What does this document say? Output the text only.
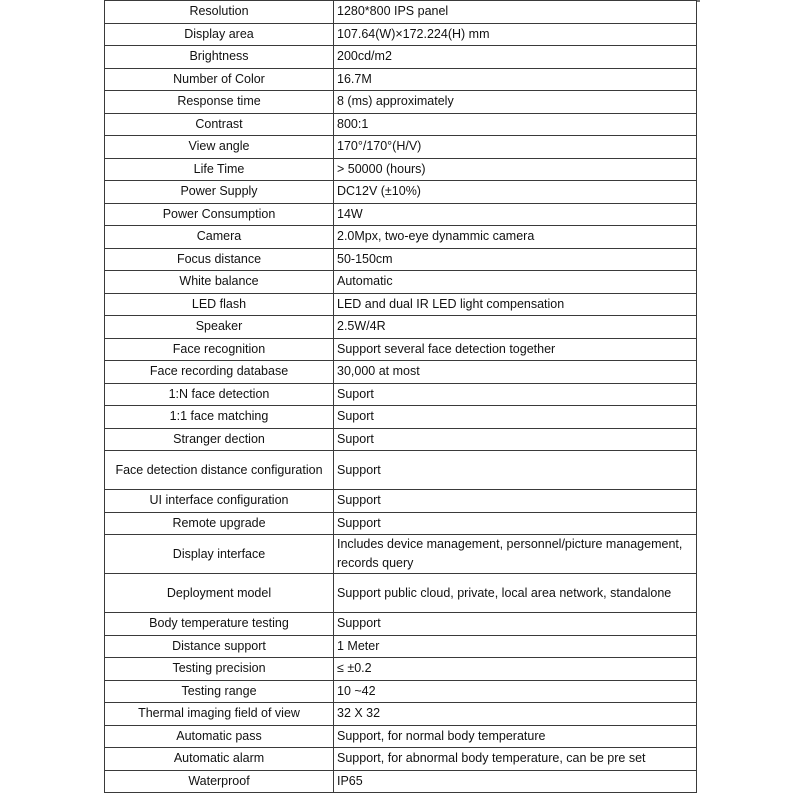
Resolution	1280*800 IPS panel
Display area	107.64(W)×172.224(H) mm
Brightness	200cd/m2
Number of Color	16.7M
Response time	8 (ms) approximately
Contrast	800:1
View angle	170°/170°(H/V)
Life Time	> 50000 (hours)
Power Supply	DC12V (±10%)
Power Consumption	14W
Camera	2.0Mpx, two-eye dynammic camera
Focus distance	50-150cm
White balance	Automatic
LED flash	LED and dual IR LED light compensation
Speaker	2.5W/4R
Face recognition	Support several face detection together
Face recording database	30,000 at most
1:N face detection	Suport
1:1 face matching	Suport
Stranger dection	Suport
Face detection distance configuration	Support
UI interface configuration	Support
Remote upgrade	Support
Display interface	Includes device management, personnel/picture management, records query
Deployment model	Support public cloud, private, local area network, standalone
Body temperature testing	Support
Distance support	1 Meter
Testing precision	≤ ±0.2
Testing range	10 ~42
Thermal imaging field of view	32 X 32
Automatic pass	Support, for normal body temperature
Automatic alarm	Support, for abnormal body temperature, can be pre set
Waterproof	IP65
